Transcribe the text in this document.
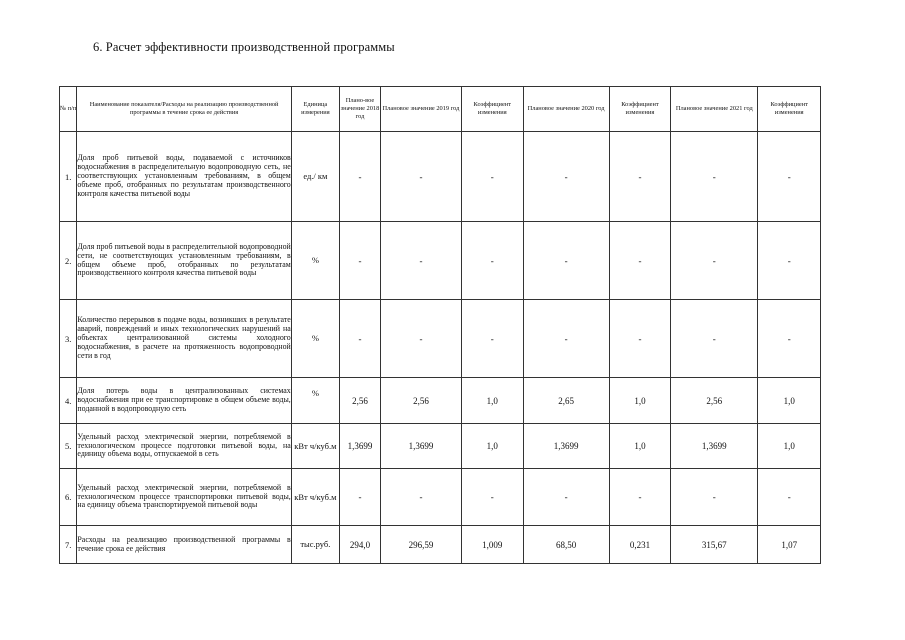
6. Расчет эффективности производственной программы
№ п/п	Наименование показателя/Расходы на реализацию производственной программы в течение срока ее действия	Единица измерения	Плано-вое значение 2018 год	Плановое значение 2019 год	Коэффициент изменения	Плановое значение 2020 год	Коэффициент изменения	Плановое значение 2021 год	Коэффициент изменения
1.	Доля проб питьевой воды, подаваемой с источников водоснабжения в распределительную водопроводную сеть, не соответствующих установленным требованиям, в общем объеме проб, отобранных по результатам производственного контроля качества питьевой воды	ед./ км	-	-	-	-	-	-	-
2.	Доля проб питьевой воды в распределительной водопроводной сети, не соответствующих установленным требованиям, в общем объеме проб, отобранных по результатам производственного контроля качества питьевой воды	%	-	-	-	-	-	-	-
3.	Количество перерывов в подаче воды, возникших в результате аварий, повреждений и иных технологических нарушений на объектах централизованной системы холодного водоснабжения, в расчете на протяженность водопроводной сети в год	%	-	-	-	-	-	-	-
4.	Доля потерь воды в централизованных системах водоснабжения при ее транспортировке в общем объеме воды, поданной в водопроводную сеть	%	2,56	2,56	1,0	2,65	1,0	2,56	1,0
5.	Удельный расход электрической энергии, потребляемой в технологическом процессе подготовки питьевой воды, на единицу объема воды, отпускаемой в сеть	кВт ч/куб.м	1,3699	1,3699	1,0	1,3699	1,0	1,3699	1,0
6.	Удельный расход электрической энергии, потребляемой в технологическом процессе транспортировки питьевой воды, на единицу объема транспортируемой питьевой воды	кВт ч/куб.м	-	-	-	-	-	-	-
7.	Расходы на реализацию производственной программы в течение срока ее действия	тыс.руб.	294,0	296,59	1,009	68,50	0,231	315,67	1,07
